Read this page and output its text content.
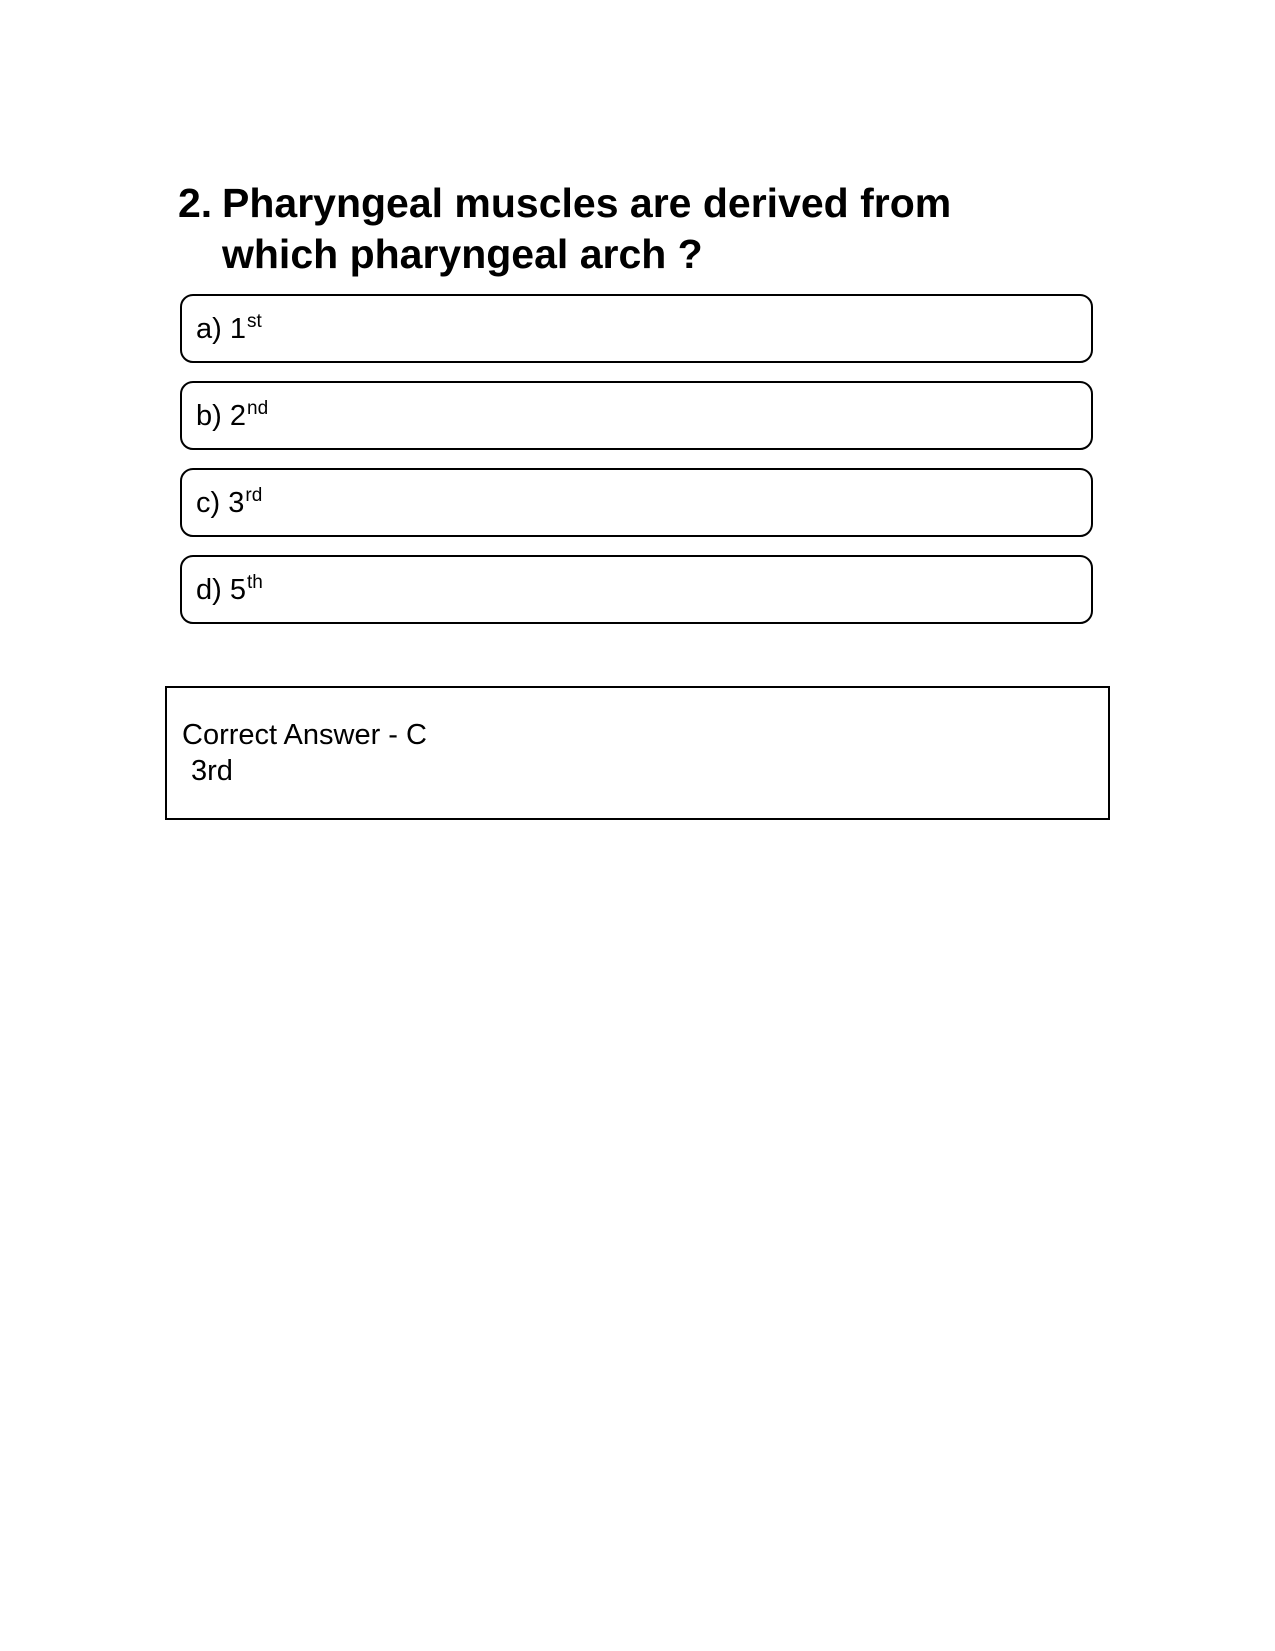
2. Pharyngeal muscles are derived from which pharyngeal arch ?
a) 1st
b) 2nd
c) 3rd
d) 5th
Correct Answer - C
3rd
